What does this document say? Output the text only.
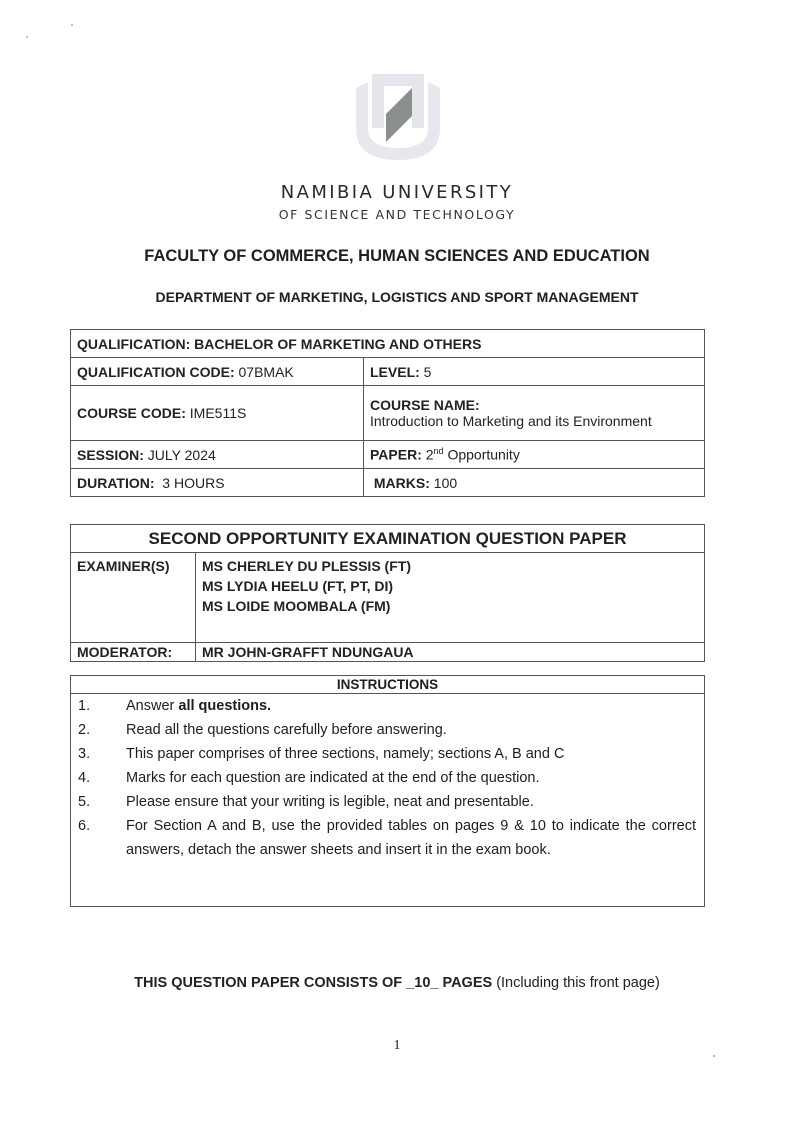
NAMIBIA UNIVERSITY
OF SCIENCE AND TECHNOLOGY
FACULTY OF COMMERCE, HUMAN SCIENCES AND EDUCATION
DEPARTMENT OF MARKETING, LOGISTICS AND SPORT MANAGEMENT
QUALIFICATION: BACHELOR OF MARKETING AND OTHERS	
QUALIFICATION CODE: 07BMAK	LEVEL: 5
COURSE CODE: IME511S	COURSE NAME:
Introduction to Marketing and its Environment
SESSION: JULY 2024	PAPER: 2nd Opportunity
DURATION: 3 HOURS	MARKS: 100
SECOND OPPORTUNITY EXAMINATION QUESTION PAPER	
EXAMINER(S)	MS CHERLEY DU PLESSIS (FT)
MS LYDIA HEELU (FT, PT, DI)
MS LOIDE MOOMBALA (FM)

MODERATOR:	MR JOHN-GRAFFT NDUNGAUA
INSTRUCTIONS
1. Answer all questions.
2. Read all the questions carefully before answering.
3. This paper comprises of three sections, namely; sections A, B and C
4. Marks for each question are indicated at the end of the question.
5. Please ensure that your writing is legible, neat and presentable.
6. For Section A and B, use the provided tables on pages 9 & 10 to indicate the correct answers, detach the answer sheets and insert it in the exam book.
THIS QUESTION PAPER CONSISTS OF _10_ PAGES (Including this front page)
1
